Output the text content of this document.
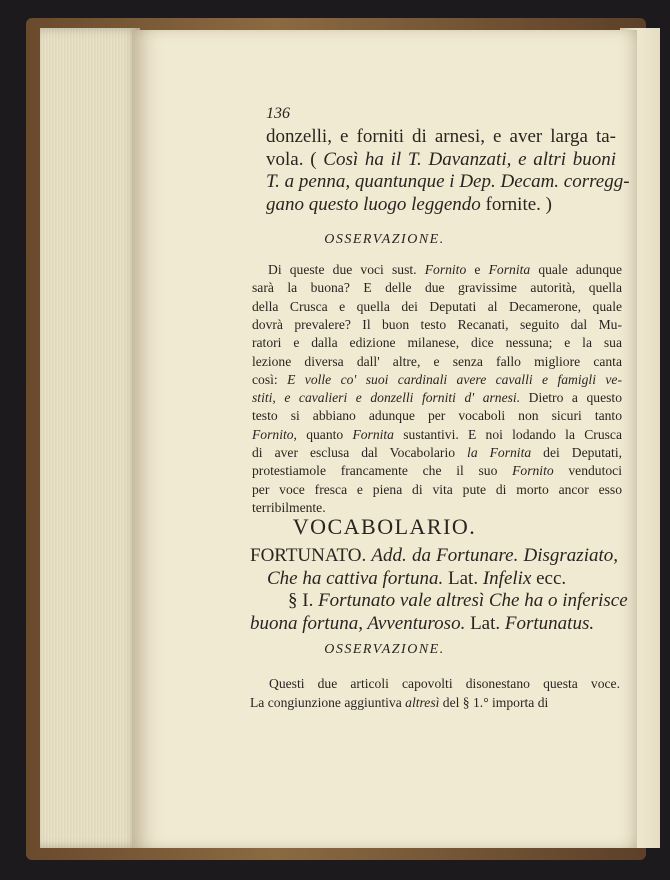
136
donzelli, e forniti di arnesi, e aver larga ta-
vola. ( Così ha il T. Davanzati, e altri buoni
T. a penna, quantunque i Dep. Decam. corregg-
gano questo luogo leggendo fornite. )
OSSERVAZIONE.
Di queste due voci sust. Fornito e Fornita quale adunque
sarà la buona? E delle due gravissime autorità, quella
della Crusca e quella dei Deputati al Decamerone, quale
dovrà prevalere? Il buon testo Recanati, seguito dal Mu-
ratori e dalla edizione milanese, dice nessuna; e la sua
lezione diversa dall' altre, e senza fallo migliore canta
così: E volle co' suoi cardinali avere cavalli e famigli ve-
stiti, e cavalieri e donzelli forniti d' arnesi. Dietro a questo
testo si abbiano adunque per vocaboli non sicuri tanto
Fornito, quanto Fornita sustantivi. E noi lodando la Crusca
di aver esclusa dal Vocabolario la Fornita dei Deputati,
protestiamole francamente che il suo Fornito vendutoci
per voce fresca e piena di vita pute di morto ancor esso
terribilmente.
VOCABOLARIO.
FORTUNATO. Add. da Fortunare. Disgraziato,
Che ha cattiva fortuna. Lat. Infelix ecc.
§ I. Fortunato vale altresì Che ha o inferisce
buona fortuna, Avventuroso. Lat. Fortunatus.
OSSERVAZIONE.
Questi due articoli capovolti disonestano questa voce.
La congiunzione aggiuntiva altresì del § 1.° importa di
